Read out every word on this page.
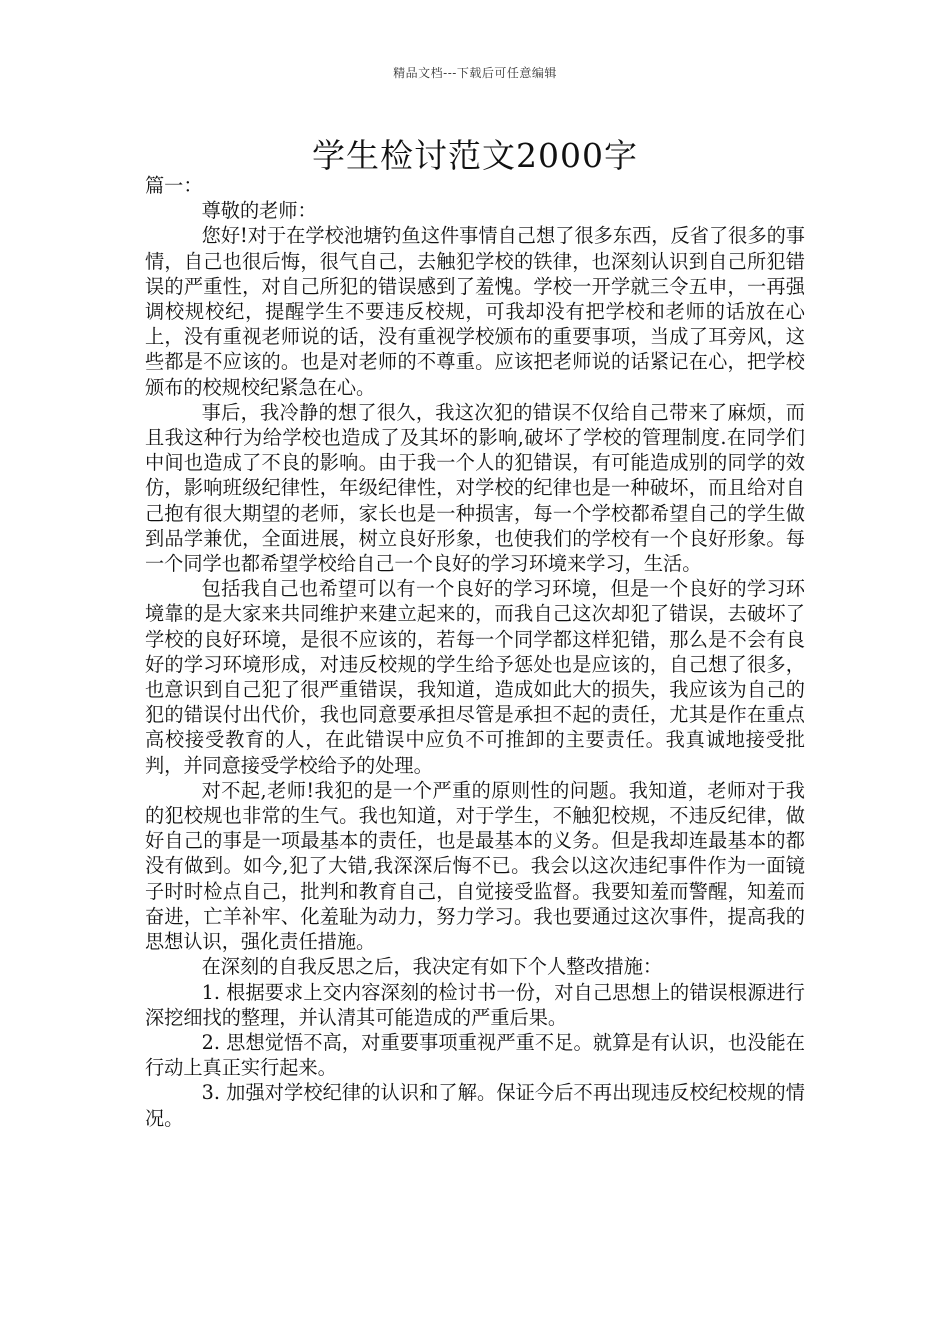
精品文档---下载后可任意编辑
学生检讨范文2000字

篇一：

尊敬的老师：

您好!对于在学校池塘钓鱼这件事情自己想了很多东西，反省了很多的事情，自己也很后悔，很气自己，去触犯学校的铁律，也深刻认识到自己所犯错误的严重性，对自己所犯的错误感到了羞愧。学校一开学就三令五申，一再强调校规校纪，提醒学生不要违反校规，可我却没有把学校和老师的话放在心上，没有重视老师说的话，没有重视学校颁布的重要事项，当成了耳旁风，这些都是不应该的。也是对老师的不尊重。应该把老师说的话紧记在心，把学校颁布的校规校纪紧急在心。

事后，我冷静的想了很久，我这次犯的错误不仅给自己带来了麻烦，而且我这种行为给学校也造成了及其坏的影响,破坏了学校的管理制度.在同学们中间也造成了不良的影响。由于我一个人的犯错误，有可能造成别的同学的效仿，影响班级纪律性，年级纪律性，对学校的纪律也是一种破坏，而且给对自己抱有很大期望的老师，家长也是一种损害，每一个学校都希望自己的学生做到品学兼优，全面进展，树立良好形象，也使我们的学校有一个良好形象。每一个同学也都希望学校给自己一个良好的学习环境来学习，生活。

包括我自己也希望可以有一个良好的学习环境，但是一个良好的学习环境靠的是大家来共同维护来建立起来的，而我自己这次却犯了错误，去破坏了学校的良好环境，是很不应该的，若每一个同学都这样犯错，那么是不会有良好的学习环境形成，对违反校规的学生给予惩处也是应该的，自己想了很多，也意识到自己犯了很严重错误，我知道，造成如此大的损失，我应该为自己的犯的错误付出代价，我也同意要承担尽管是承担不起的责任，尤其是作在重点高校接受教育的人，在此错误中应负不可推卸的主要责任。我真诚地接受批判，并同意接受学校给予的处理。

对不起,老师!我犯的是一个严重的原则性的问题。我知道，老师对于我的犯校规也非常的生气。我也知道，对于学生，不触犯校规，不违反纪律，做好自己的事是一项最基本的责任，也是最基本的义务。但是我却连最基本的都没有做到。如今,犯了大错,我深深后悔不已。我会以这次违纪事件作为一面镜子时时检点自己，批判和教育自己，自觉接受监督。我要知羞而警醒，知羞而奋进，亡羊补牢、化羞耻为动力，努力学习。我也要通过这次事件，提高我的思想认识，强化责任措施。

在深刻的自我反思之后，我决定有如下个人整改措施：

1. 根据要求上交内容深刻的检讨书一份，对自己思想上的错误根源进行深挖细找的整理，并认清其可能造成的严重后果。

2. 思想觉悟不高，对重要事项重视严重不足。就算是有认识，也没能在行动上真正实行起来。

3. 加强对学校纪律的认识和了解。保证今后不再出现违反校纪校规的情况。
